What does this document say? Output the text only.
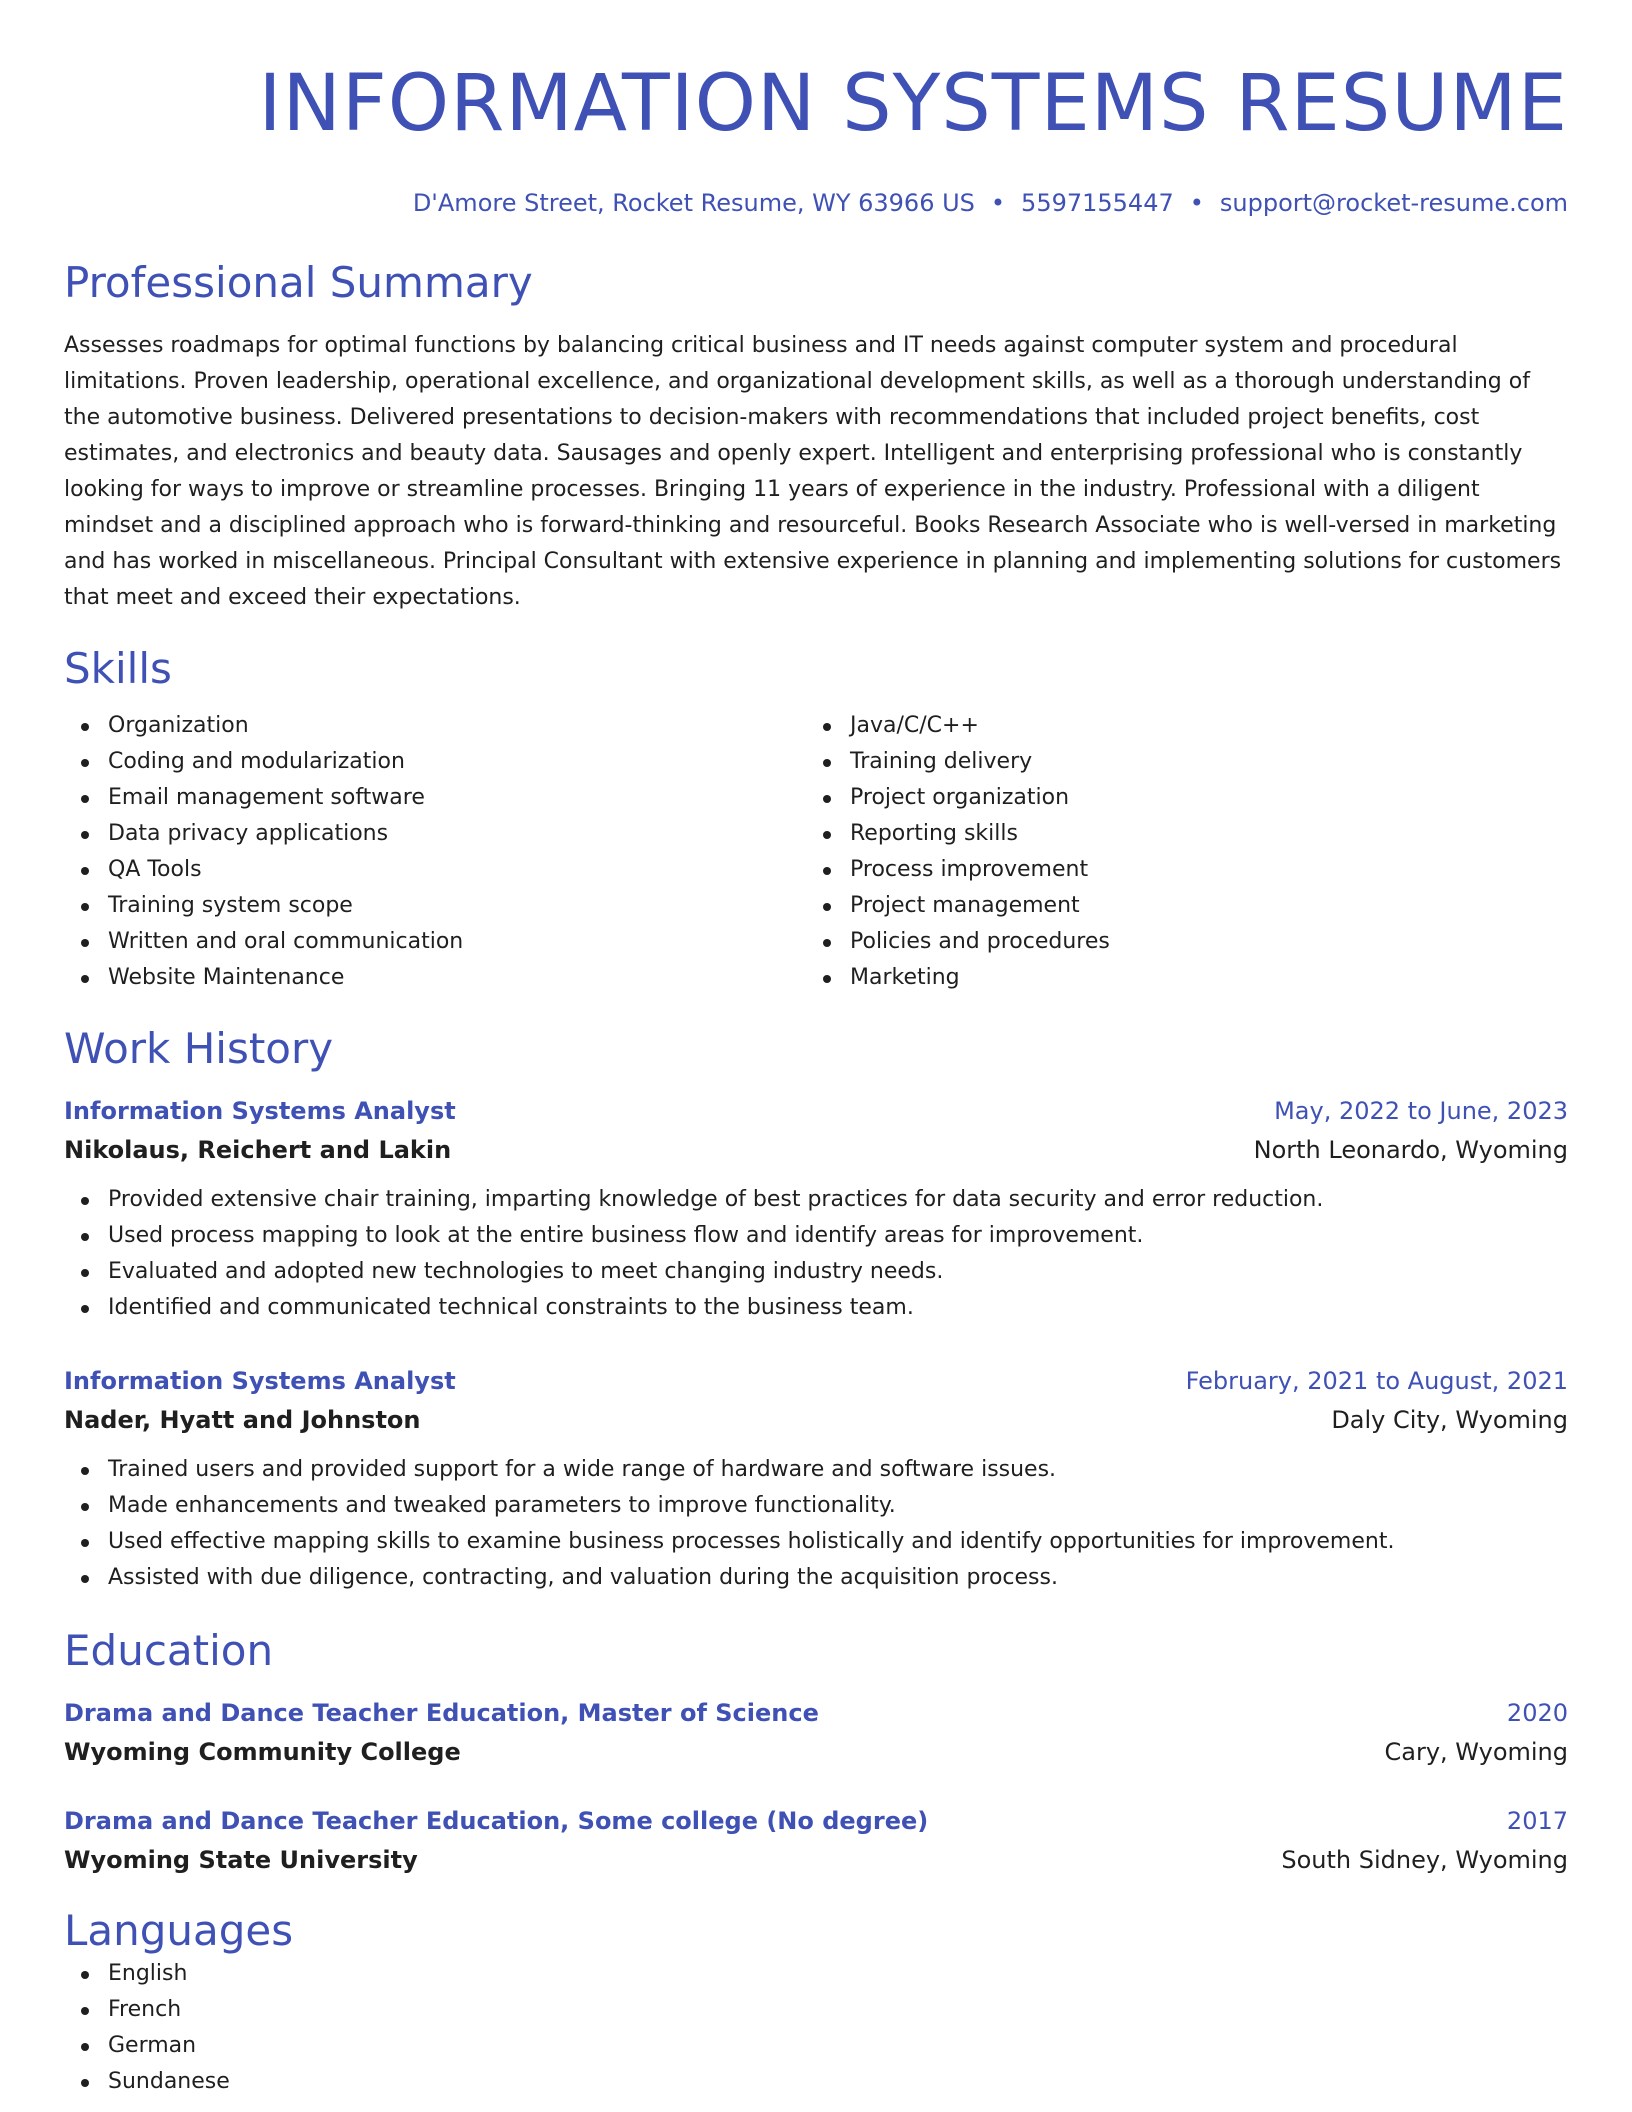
INFORMATION SYSTEMS RESUME
D'Amore Street, Rocket Resume, WY 63966 US • 5597155447 • support@rocket-resume.com
Professional Summary

Assesses roadmaps for optimal functions by balancing critical business and IT needs against computer system and procedural limitations. Proven leadership, operational excellence, and organizational development skills, as well as a thorough understanding of the automotive business. Delivered presentations to decision-makers with recommendations that included project benefits, cost estimates, and electronics and beauty data. Sausages and openly expert. Intelligent and enterprising professional who is constantly looking for ways to improve or streamline processes. Bringing 11 years of experience in the industry. Professional with a diligent mindset and a disciplined approach who is forward-thinking and resourceful. Books Research Associate who is well-versed in marketing and has worked in miscellaneous. Principal Consultant with extensive experience in planning and implementing solutions for customers that meet and exceed their expectations.

Skills
Organization
Coding and modularization
Email management software
Data privacy applications
QA Tools
Training system scope
Written and oral communication
Website Maintenance
Java/C/C++
Training delivery
Project organization
Reporting skills
Process improvement
Project management
Policies and procedures
Marketing
Work History
Information Systems Analyst	May, 2022 to June, 2023
Nikolaus, Reichert and Lakin	North Leonardo, Wyoming
Provided extensive chair training, imparting knowledge of best practices for data security and error reduction.
Used process mapping to look at the entire business flow and identify areas for improvement.
Evaluated and adopted new technologies to meet changing industry needs.
Identified and communicated technical constraints to the business team.
Information Systems Analyst	February, 2021 to August, 2021
Nader, Hyatt and Johnston	Daly City, Wyoming
Trained users and provided support for a wide range of hardware and software issues.
Made enhancements and tweaked parameters to improve functionality.
Used effective mapping skills to examine business processes holistically and identify opportunities for improvement.
Assisted with due diligence, contracting, and valuation during the acquisition process.
Education
Drama and Dance Teacher Education, Master of Science	2020
Wyoming Community College	Cary, Wyoming
Drama and Dance Teacher Education, Some college (No degree)	2017
Wyoming State University	South Sidney, Wyoming
Languages
English
French
German
Sundanese
